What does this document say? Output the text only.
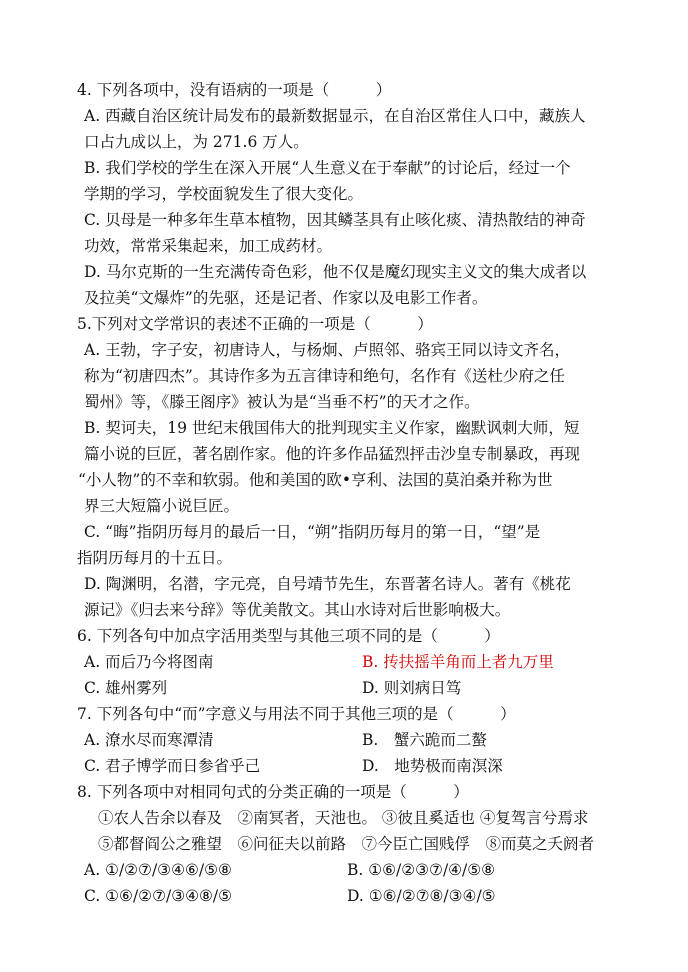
4. 下列各项中，没有语病的一项是（　　　）
A. 西藏自治区统计局发布的最新数据显示，在自治区常住人口中，藏族人
口占九成以上，为 271.6 万人。
B. 我们学校的学生在深入开展“人生意义在于奉献”的讨论后，经过一个
学期的学习，学校面貌发生了很大变化。
C. 贝母是一种多年生草本植物，因其鳞茎具有止咳化痰、清热散结的神奇
功效，常常采集起来，加工成药材。
D. 马尔克斯的一生充满传奇色彩，他不仅是魔幻现实主义文的集大成者以
及拉美“文爆炸”的先驱，还是记者、作家以及电影工作者。
5.下列对文学常识的表述不正确的一项是（　　　）
A. 王勃，字子安，初唐诗人，与杨炯、卢照邻、骆宾王同以诗文齐名，
称为“初唐四杰”。其诗作多为五言律诗和绝句，名作有《送杜少府之任
蜀州》等，《滕王阁序》被认为是“当垂不朽”的天才之作。
B. 契诃夫，19 世纪末俄国伟大的批判现实主义作家，幽默讽刺大师，短
篇小说的巨匠，著名剧作家。他的许多作品猛烈抨击沙皇专制暴政，再现
“小人物”的不幸和软弱。他和美国的欧•亨利、法国的莫泊桑并称为世
界三大短篇小说巨匠。
C. “晦”指阴历每月的最后一日，“朔”指阴历每月的第一日，“望”是
指阴历每月的十五日。
D. 陶渊明，名潜，字元亮，自号靖节先生，东晋著名诗人。著有《桃花
源记》《归去来兮辞》等优美散文。其山水诗对后世影响极大。
6. 下列各句中加点字活用类型与其他三项不同的是（　　　）
A. 而后乃今将图南	B. 抟扶摇羊角而上者九万里
C. 雄州雾列	D. 则刘病日笃
7. 下列各句中“而”字意义与用法不同于其他三项的是（　　　）
A. 潦水尽而寒潭清	B.　蟹六跪而二螯
C. 君子博学而日参省乎己	D.　地势极而南溟深
8. 下列各项中对相同句式的分类正确的一项是（　　　）
①农人告余以春及　②南冥者，天池也。 ③彼且奚适也 ④复驾言兮焉求
⑤都督阎公之雅望　⑥问征夫以前路　⑦今臣亡国贱俘　⑧而莫之夭阏者
A. ①/②⑦/③④⑥/⑤⑧	B. ①⑥/②③⑦/④/⑤⑧
C. ①⑥/②⑦/③④⑧/⑤	D. ①⑥/②⑦⑧/③④/⑤
